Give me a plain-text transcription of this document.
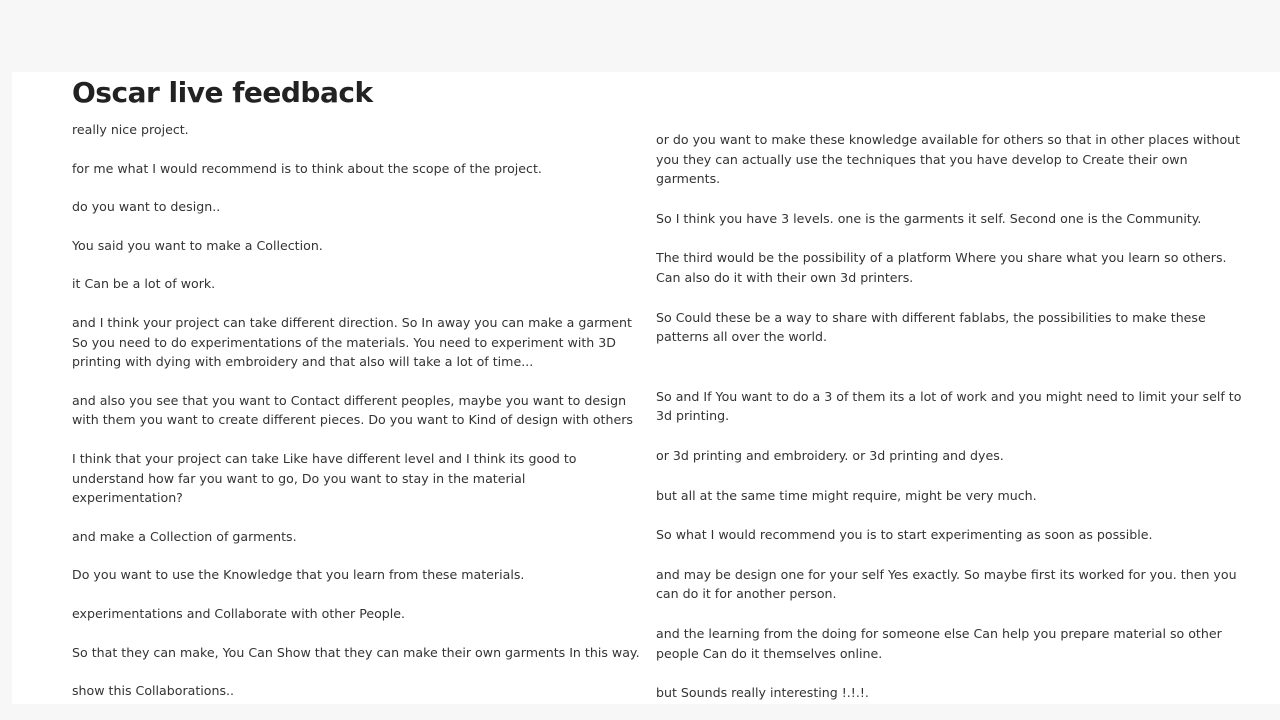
Oscar live feedback

really nice project.

for me what I would recommend is to think about the scope of the project.

do you want to design..

You said you want to make a Collection.

it Can be a lot of work.

and I think your project can take different direction. So In away you can make a garment So you need to do experimentations of the materials. You need to experiment with 3D printing with dying with embroidery and that also will take a lot of time...

and also you see that you want to Contact different peoples, maybe you want to design with them you want to create different pieces. Do you want to Kind of design with others

I think that your project can take Like have different level and I think its good to understand how far you want to go, Do you want to stay in the material experimentation?

and make a Collection of garments.

Do you want to use the Knowledge that you learn from these materials.

experimentations and Collaborate with other People.

So that they can make, You Can Show that they can make their own garments In this way.

show this Collaborations..

or do you want to make these knowledge available for others so that in other places without you they can actually use the techniques that you have develop to Create their own garments.

So I think you have 3 levels. one is the garments it self. Second one is the Community.

The third would be the possibility of a platform Where you share what you learn so others. Can also do it with their own 3d printers.

So Could these be a way to share with different fablabs, the possibilities to make these patterns all over the world.

So and If You want to do a 3 of them its a lot of work and you might need to limit your self to 3d printing.

or 3d printing and embroidery. or 3d printing and dyes.

but all at the same time might require, might be very much.

So what I would recommend you is to start experimenting as soon as possible.

and may be design one for your self Yes exactly. So maybe first its worked for you. then you can do it for another person.

and the learning from the doing for someone else Can help you prepare material so other people Can do it themselves online.

but Sounds really interesting !.!.!.
